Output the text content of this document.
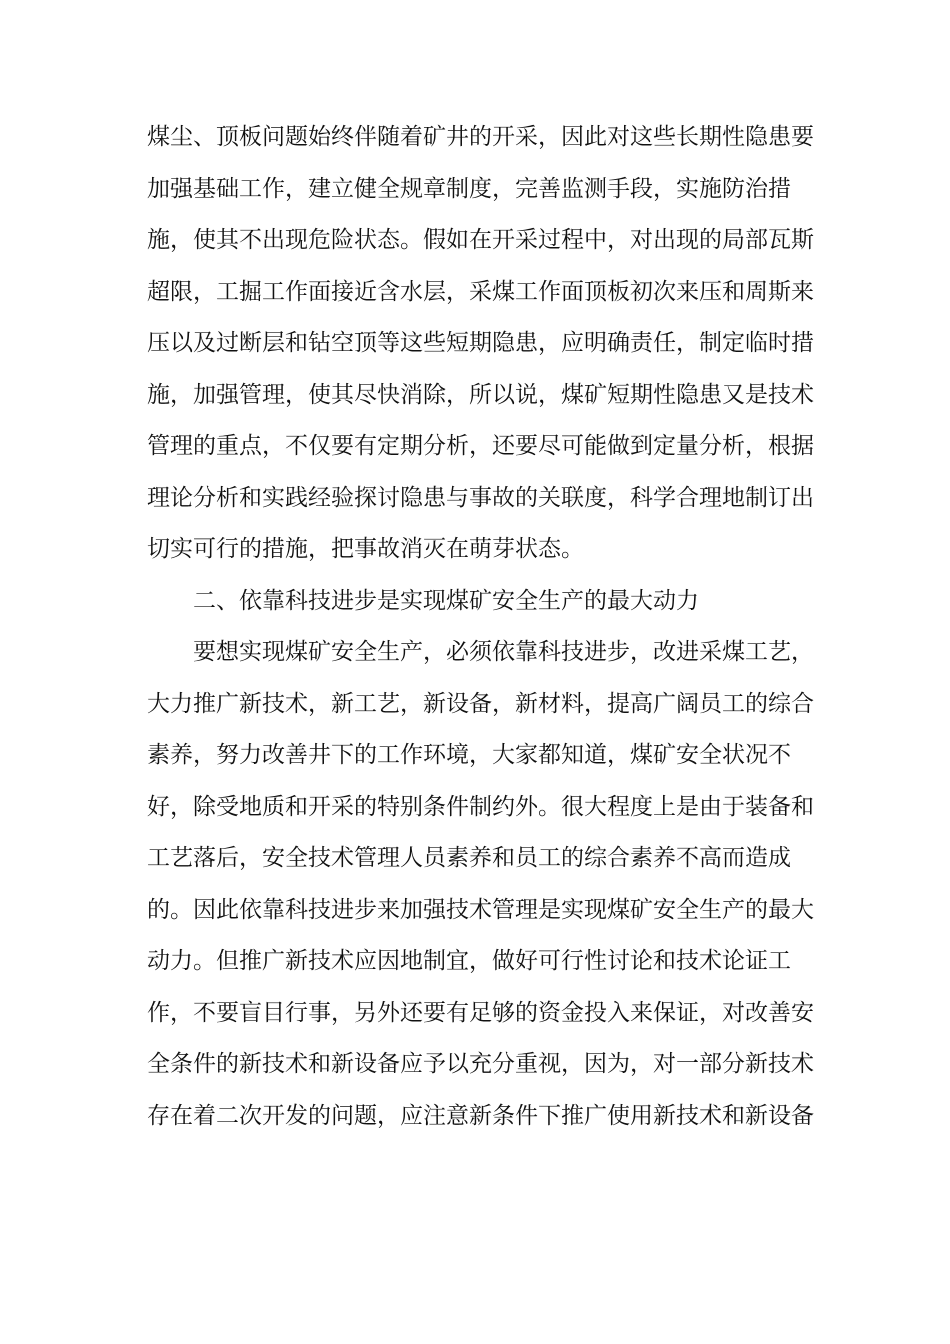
煤尘、顶板问题始终伴随着矿井的开采，因此对这些长期性隐患要
加强基础工作，建立健全规章制度，完善监测手段，实施防治措
施，使其不出现危险状态。假如在开采过程中，对出现的局部瓦斯
超限，工掘工作面接近含水层，采煤工作面顶板初次来压和周斯来
压以及过断层和钻空顶等这些短期隐患，应明确责任，制定临时措
施，加强管理，使其尽快消除，所以说，煤矿短期性隐患又是技术
管理的重点，不仅要有定期分析，还要尽可能做到定量分析，根据
理论分析和实践经验探讨隐患与事故的关联度，科学合理地制订出
切实可行的措施，把事故消灭在萌芽状态。
二、依靠科技进步是实现煤矿安全生产的最大动力
要想实现煤矿安全生产，必须依靠科技进步，改进采煤工艺，
大力推广新技术，新工艺，新设备，新材料，提高广阔员工的综合
素养，努力改善井下的工作环境，大家都知道，煤矿安全状况不
好，除受地质和开采的特别条件制约外。很大程度上是由于装备和
工艺落后，安全技术管理人员素养和员工的综合素养不高而造成
的。因此依靠科技进步来加强技术管理是实现煤矿安全生产的最大
动力。但推广新技术应因地制宜，做好可行性讨论和技术论证工
作，不要盲目行事，另外还要有足够的资金投入来保证，对改善安
全条件的新技术和新设备应予以充分重视，因为，对一部分新技术
存在着二次开发的问题，应注意新条件下推广使用新技术和新设备
